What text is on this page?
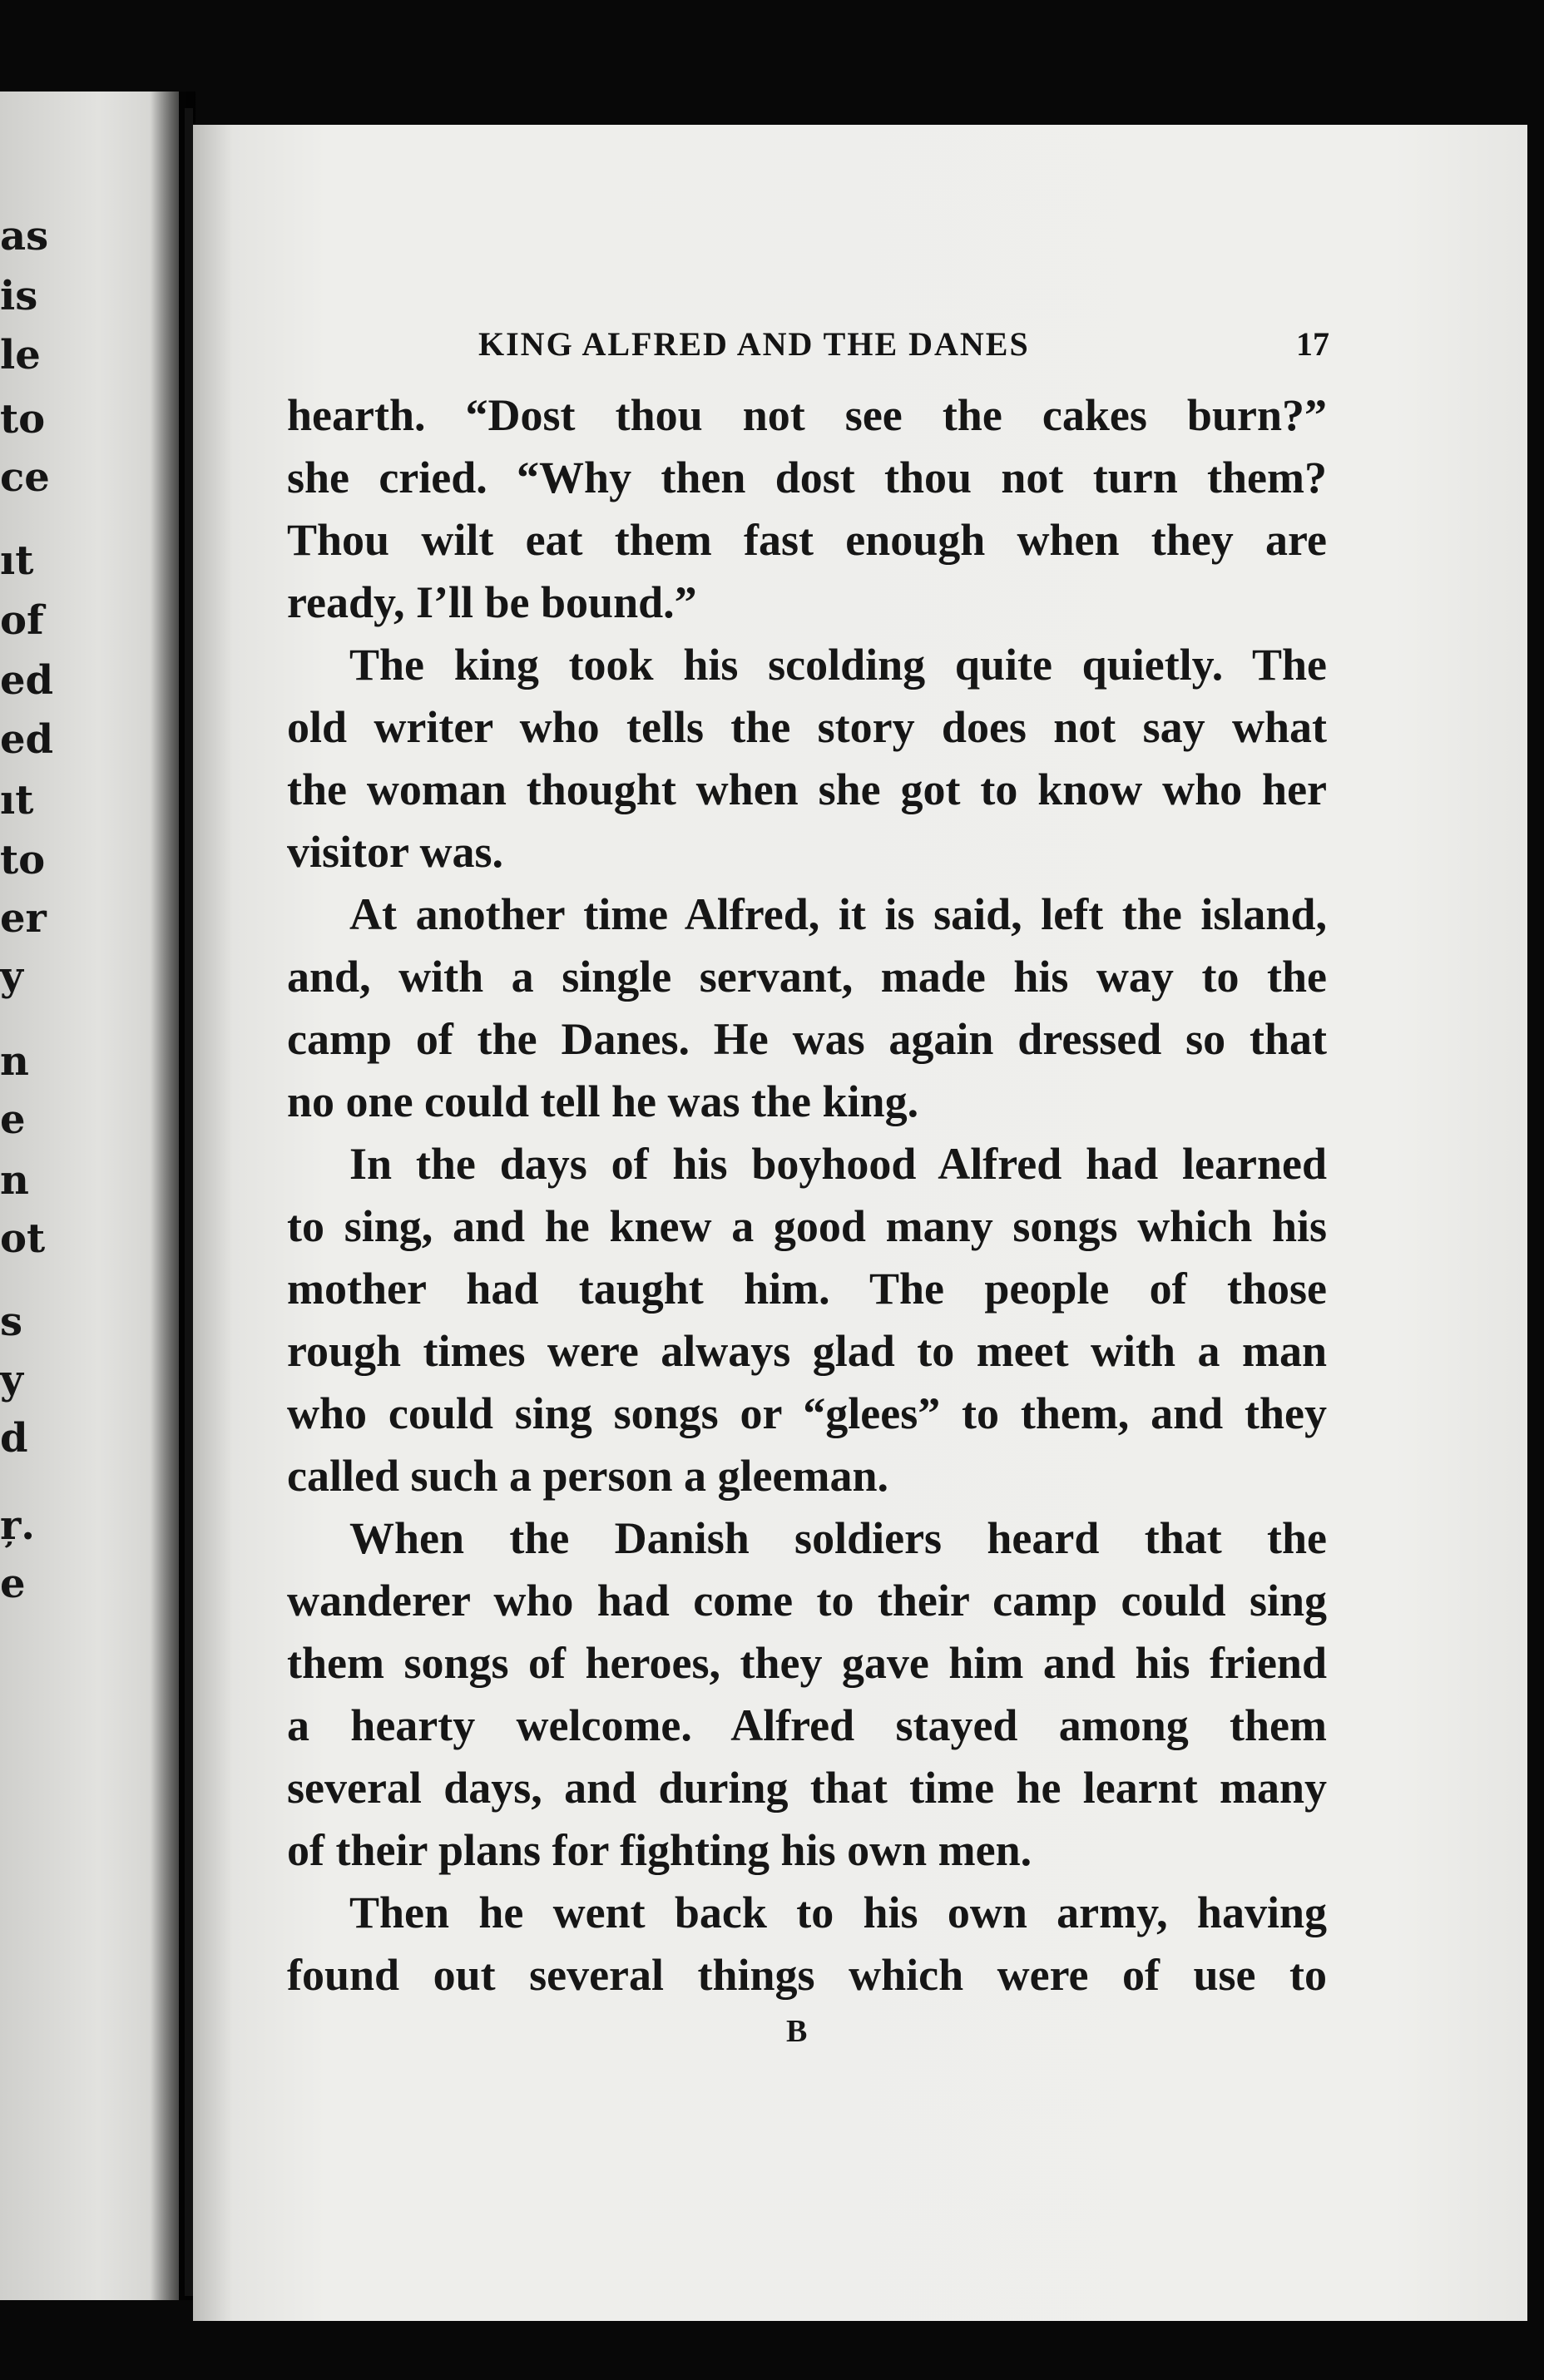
as
is
le
to
ce
ıt
of
ed
ed
ıt
to
er
y
n
e
n
ot
s
y
d
ŗ.
e
KING ALFRED AND THE DANES	17
hearth. “Dost thou not see the cakes burn?”
she cried. “Why then dost thou not turn them?
Thou wilt eat them fast enough when they are
ready, I’ll be bound.”
The king took his scolding quite quietly. The
old writer who tells the story does not say what
the woman thought when she got to know who her
visitor was.
At another time Alfred, it is said, left the island,
and, with a single servant, made his way to the
camp of the Danes. He was again dressed so that
no one could tell he was the king.
In the days of his boyhood Alfred had learned
to sing, and he knew a good many songs which his
mother had taught him. The people of those
rough times were always glad to meet with a man
who could sing songs or “glees” to them, and they
called such a person a gleeman.
When the Danish soldiers heard that the
wanderer who had come to their camp could sing
them songs of heroes, they gave him and his friend
a hearty welcome. Alfred stayed among them
several days, and during that time he learnt many
of their plans for fighting his own men.
Then he went back to his own army, having
found out several things which were of use to
B
